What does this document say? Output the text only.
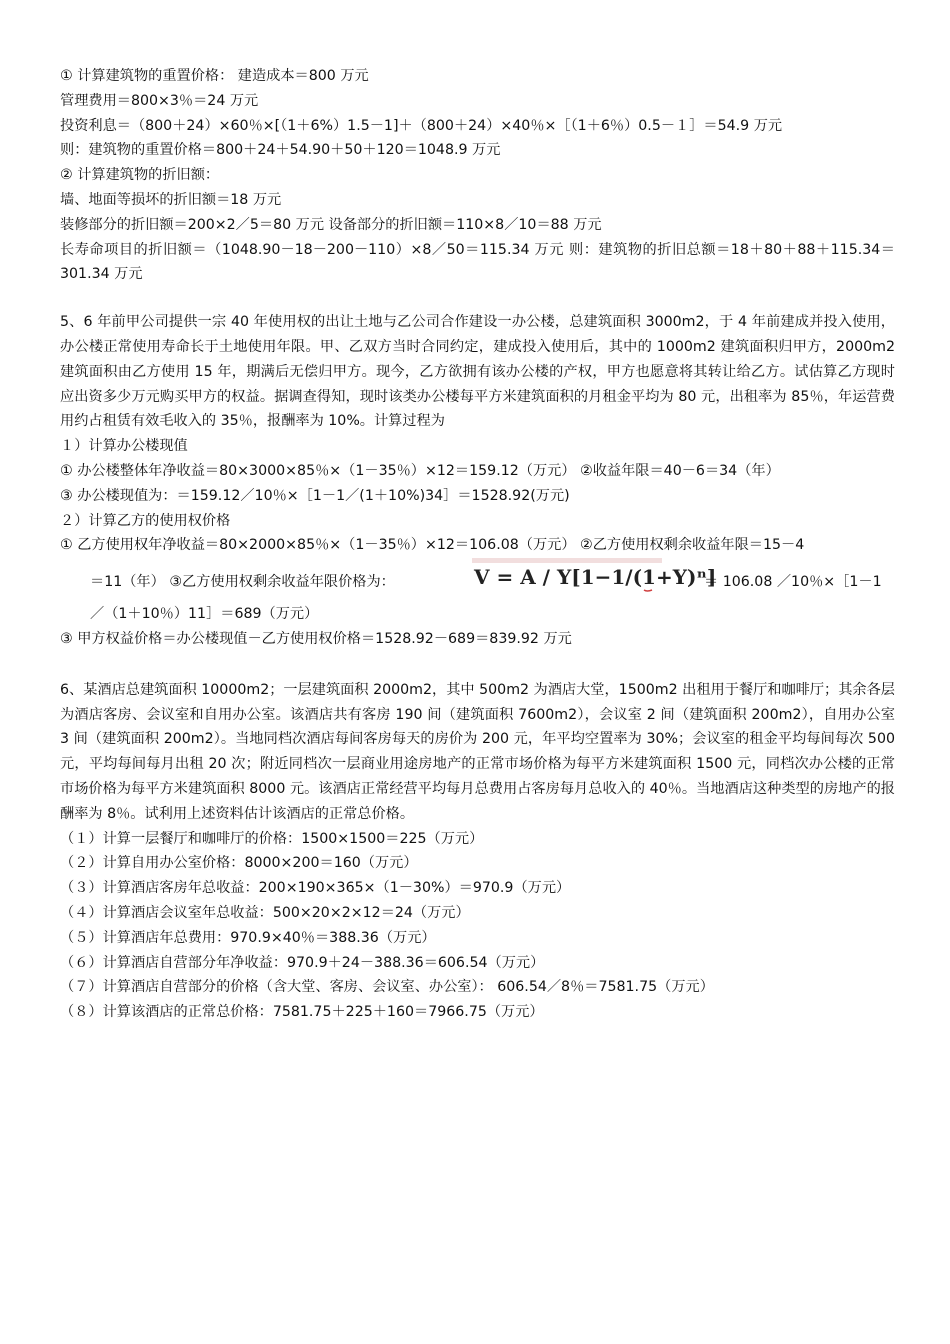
① 计算建筑物的重置价格： 建造成本＝800 万元
管理费用＝800×3％＝24 万元
投资利息＝（800＋24）×60％×[（1＋6%）1.5－1]＋（800＋24）×40％×［（1＋6％）0.5－１］＝54.9 万元
则：建筑物的重置价格＝800＋24＋54.90＋50＋120＝1048.9 万元
② 计算建筑物的折旧额：
墙、地面等损坏的折旧额＝18 万元
装修部分的折旧额＝200×2／5＝80 万元 设备部分的折旧额＝110×8／10＝88 万元

长寿命项目的折旧额＝（1048.90－18－200－110）×8／50＝115.34 万元 则：建筑物的折旧总额＝18＋80＋88＋115.34＝301.34 万元

5、6 年前甲公司提供一宗 40 年使用权的出让土地与乙公司合作建设一办公楼，总建筑面积 3000m2，于 4 年前建成并投入使用，办公楼正常使用寿命长于土地使用年限。甲、乙双方当时合同约定，建成投入使用后，其中的 1000m2 建筑面积归甲方，2000m2 建筑面积由乙方使用 15 年，期满后无偿归甲方。现今，乙方欲拥有该办公楼的产权，甲方也愿意将其转让给乙方。试估算乙方现时应出资多少万元购买甲方的权益。据调查得知，现时该类办公楼每平方米建筑面积的月租金平均为 80 元，出租率为 85％，年运营费用约占租赁有效毛收入的 35％，报酬率为 10%。计算过程为

１）计算办公楼现值
① 办公楼整体年净收益＝80×3000×85％×（1－35％）×12＝159.12（万元） ②收益年限＝40－6＝34（年）
③ 办公楼现值为：＝159.12／10％×［1－1／(1＋10%)34］＝1528.92(万元)
２）计算乙方的使用权价格
① 乙方使用权年净收益＝80×2000×85％×（1－35％）×12＝106.08（万元） ②乙方使用权剩余收益年限＝15－4
＝11（年） ③乙方使用权剩余收益年限价格为：	V = A / Y[1−1/(1+Y)ⁿ]
＝ 106.08 ／10％×［1－1
／（1＋10％）11］＝689（万元）
③ 甲方权益价格＝办公楼现值－乙方使用权价格＝1528.92－689＝839.92 万元

6、某酒店总建筑面积 10000m2；一层建筑面积 2000m2，其中 500m2 为酒店大堂，1500m2 出租用于餐厅和咖啡厅；其余各层为酒店客房、会议室和自用办公室。该酒店共有客房 190 间（建筑面积 7600m2），会议室 2 间（建筑面积 200m2），自用办公室 3 间（建筑面积 200m2）。当地同档次酒店每间客房每天的房价为 200 元，年平均空置率为 30%；会议室的租金平均每间每次 500 元，平均每间每月出租 20 次；附近同档次一层商业用途房地产的正常市场价格为每平方米建筑面积 1500 元，同档次办公楼的正常市场价格为每平方米建筑面积 8000 元。该酒店正常经营平均每月总费用占客房每月总收入的 40％。当地酒店这种类型的房地产的报酬率为 8％。试利用上述资料估计该酒店的正常总价格。

（１）计算一层餐厅和咖啡厅的价格：1500×1500＝225（万元）
（２）计算自用办公室价格：8000×200＝160（万元）
（３）计算酒店客房年总收益：200×190×365×（1－30%）＝970.9（万元）
（４）计算酒店会议室年总收益：500×20×2×12＝24（万元）
（５）计算酒店年总费用：970.9×40％＝388.36（万元）
（６）计算酒店自营部分年净收益：970.9＋24－388.36＝606.54（万元）
（７）计算酒店自营部分的价格（含大堂、客房、会议室、办公室）： 606.54／8％＝7581.75（万元）
（８）计算该酒店的正常总价格：7581.75＋225＋160＝7966.75（万元）
